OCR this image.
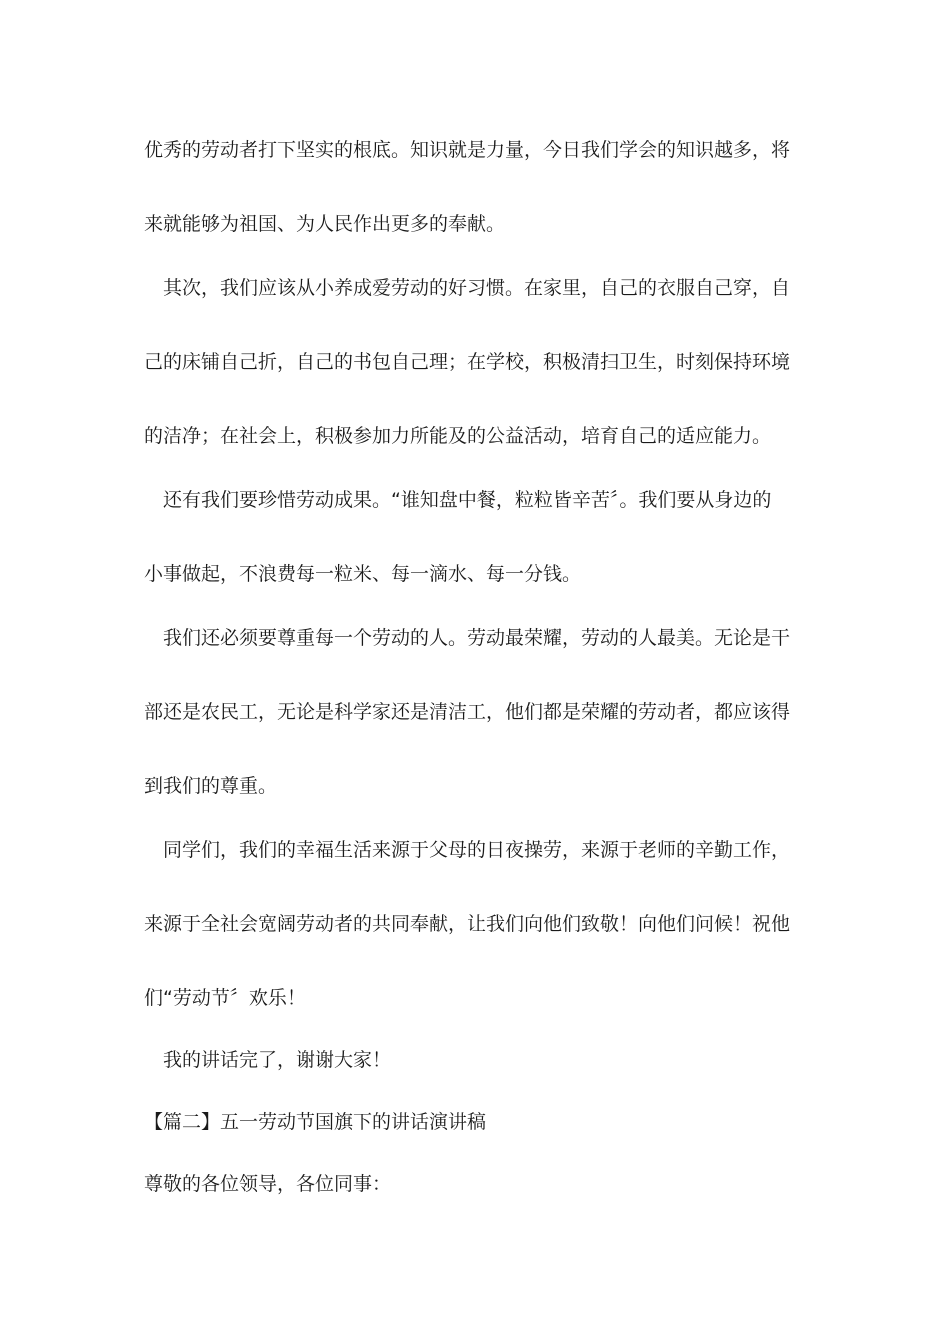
优秀的劳动者打下坚实的根底。知识就是力量，今日我们学会的知识越多，将
来就能够为祖国、为人民作出更多的奉献。
　其次，我们应该从小养成爱劳动的好习惯。在家里，自己的衣服自己穿，自
己的床铺自己折，自己的书包自己理；在学校，积极清扫卫生，时刻保持环境
的洁净；在社会上，积极参加力所能及的公益活动，培育自己的适应能力。
　还有我们要珍惜劳动成果。“谁知盘中餐，粒粒皆辛苦〞。我们要从身边的
小事做起，不浪费每一粒米、每一滴水、每一分钱。
　我们还必须要尊重每一个劳动的人。劳动最荣耀，劳动的人最美。无论是干
部还是农民工，无论是科学家还是清洁工，他们都是荣耀的劳动者，都应该得
到我们的尊重。
　同学们，我们的幸福生活来源于父母的日夜操劳，来源于老师的辛勤工作，
来源于全社会宽阔劳动者的共同奉献，让我们向他们致敬！向他们问候！祝他
们“劳动节〞欢乐！
　我的讲话完了，谢谢大家！
【篇二】五一劳动节国旗下的讲话演讲稿
尊敬的各位领导，各位同事：
